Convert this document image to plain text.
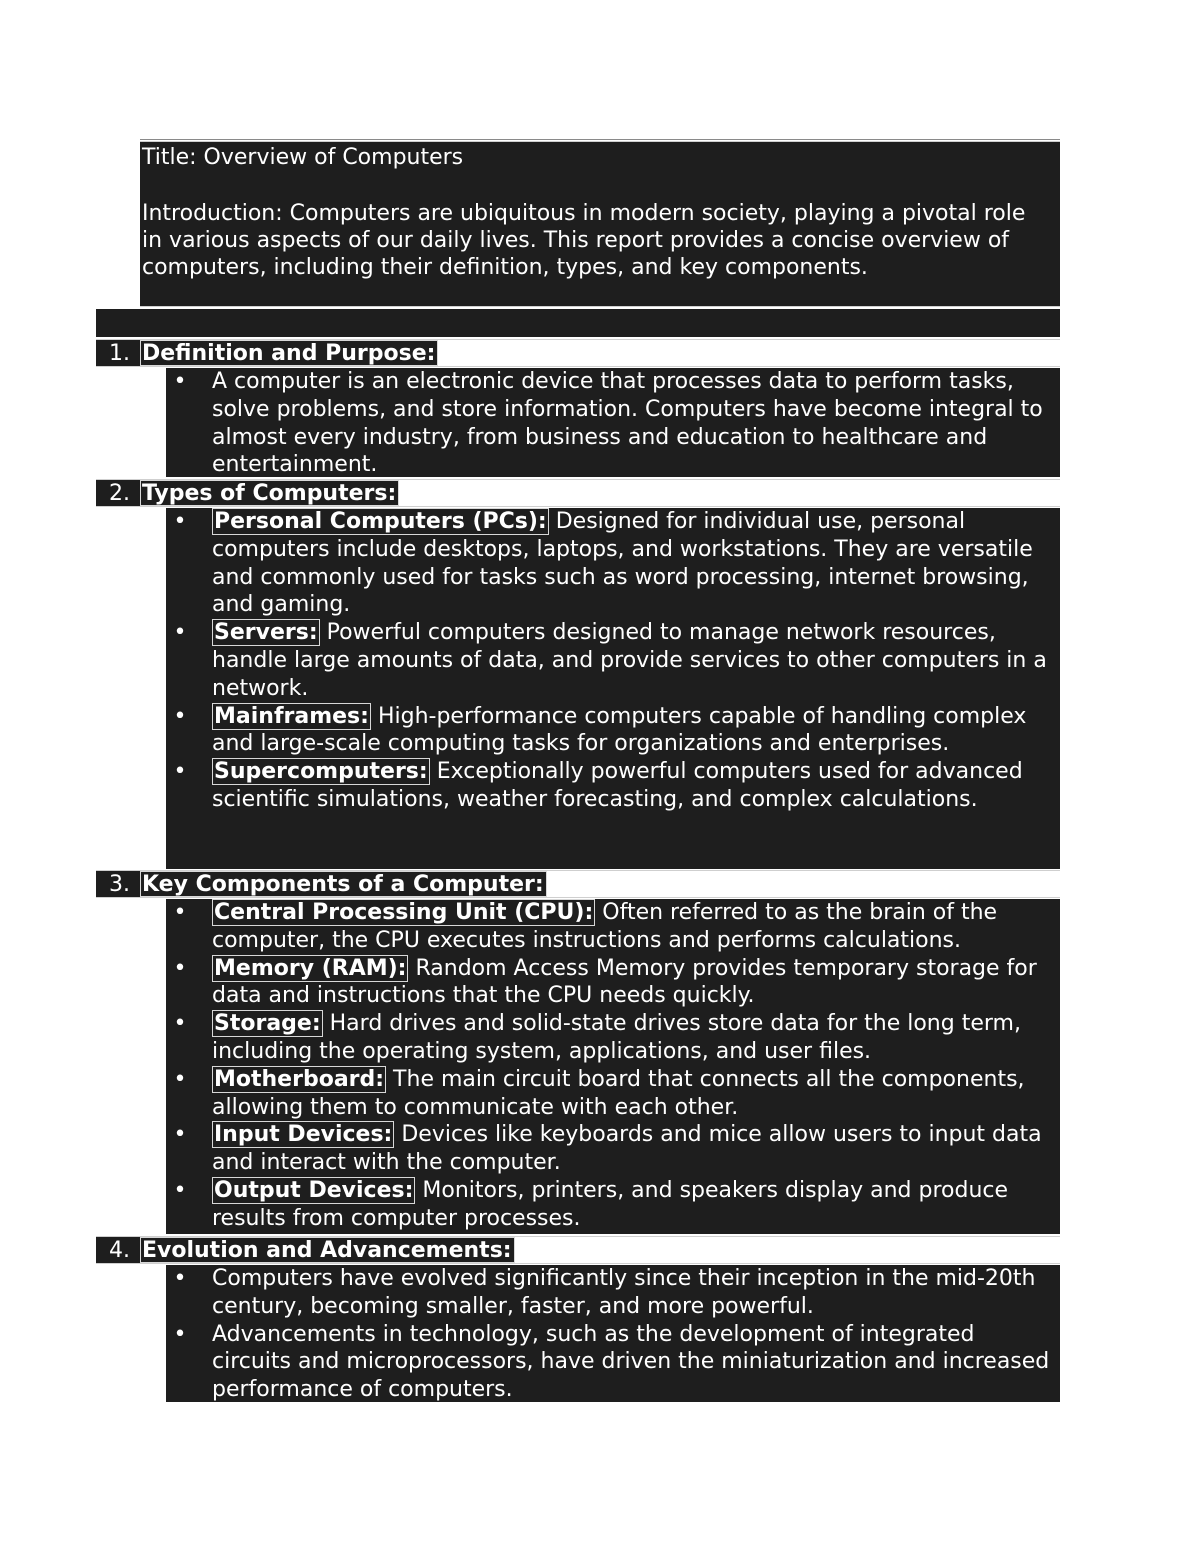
Title: Overview of Computers

Introduction: Computers are ubiquitous in modern society, playing a pivotal role in various aspects of our daily lives. This report provides a concise overview of computers, including their definition, types, and key components.

1. Definition and Purpose:
• A computer is an electronic device that processes data to perform tasks, solve problems, and store information. Computers have become integral to almost every industry, from business and education to healthcare and entertainment.
2. Types of Computers:
• Personal Computers (PCs): Designed for individual use, personal computers include desktops, laptops, and workstations. They are versatile and commonly used for tasks such as word processing, internet browsing, and gaming.
• Servers: Powerful computers designed to manage network resources, handle large amounts of data, and provide services to other computers in a network.
• Mainframes: High-performance computers capable of handling complex and large-scale computing tasks for organizations and enterprises.
• Supercomputers: Exceptionally powerful computers used for advanced scientific simulations, weather forecasting, and complex calculations.
3. Key Components of a Computer:
• Central Processing Unit (CPU): Often referred to as the brain of the computer, the CPU executes instructions and performs calculations.
• Memory (RAM): Random Access Memory provides temporary storage for data and instructions that the CPU needs quickly.
• Storage: Hard drives and solid-state drives store data for the long term, including the operating system, applications, and user files.
• Motherboard: The main circuit board that connects all the components, allowing them to communicate with each other.
• Input Devices: Devices like keyboards and mice allow users to input data and interact with the computer.
• Output Devices: Monitors, printers, and speakers display and produce results from computer processes.
4. Evolution and Advancements:
• Computers have evolved significantly since their inception in the mid-20th century, becoming smaller, faster, and more powerful.
• Advancements in technology, such as the development of integrated circuits and microprocessors, have driven the miniaturization and increased performance of computers.
